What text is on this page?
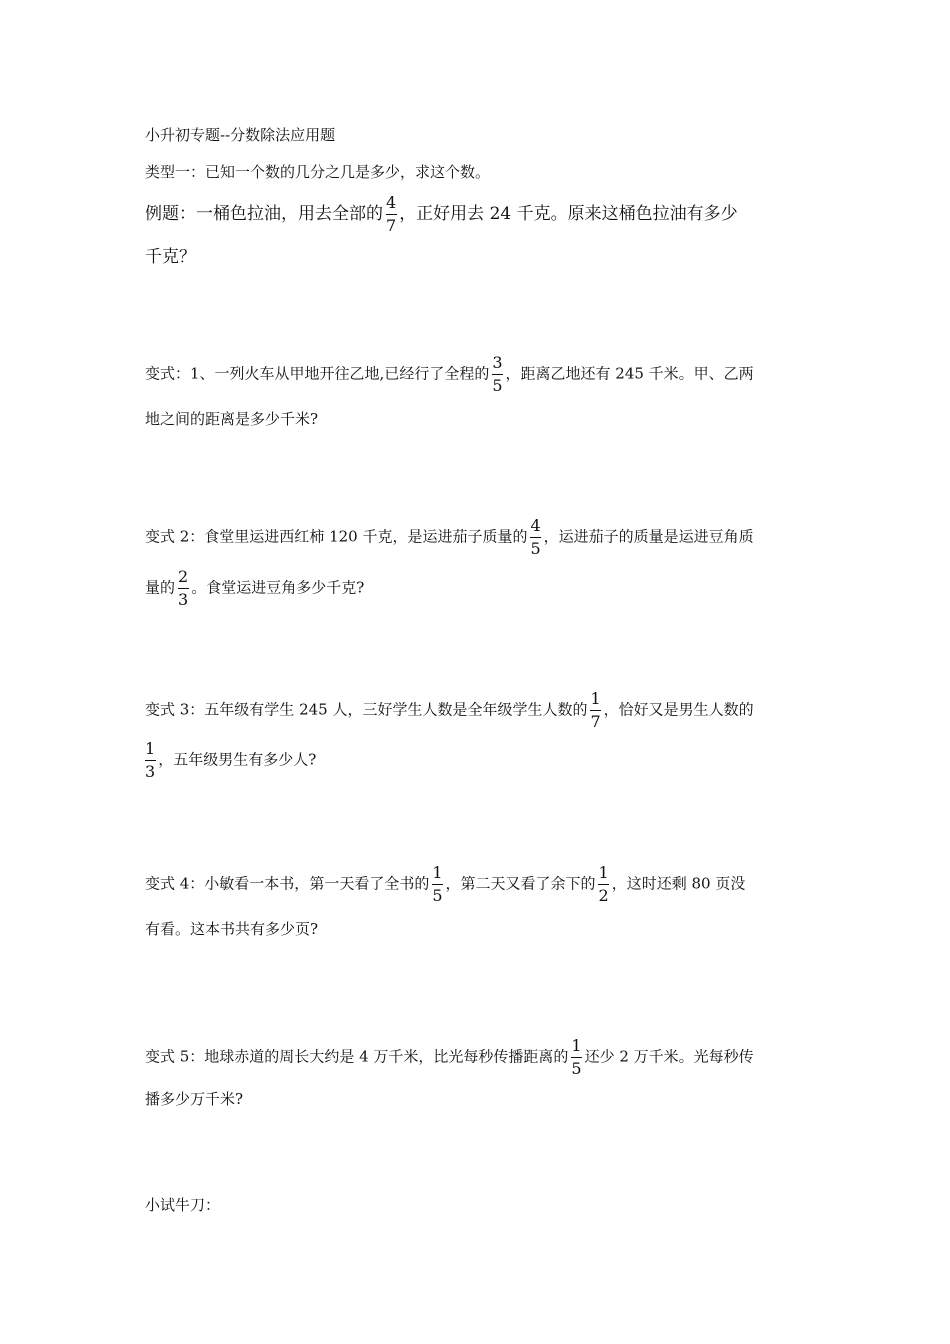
小升初专题--分数除法应用题
类型一：已知一个数的几分之几是多少，求这个数。
例题：一桶色拉油，用去全部的 $\frac{4}{7}$ ，正好用去 24 千克。原来这桶色拉油有多少
千克？
变式：1、一列火车从甲地开往乙地,已经行了全程的 $\frac{3}{5}$ ，距离乙地还有 245 千米。甲、乙两
地之间的距离是多少千米?
变式 2：食堂里运进西红柿 120 千克，是运进茄子质量的 $\frac{4}{5}$ ，运进茄子的质量是运进豆角质
量的 $\frac{2}{3}$ 。食堂运进豆角多少千克?
变式 3：五年级有学生 245 人，三好学生人数是全年级学生人数的 $\frac{1}{7}$ ，恰好又是男生人数的
$\frac{1}{3}$ ，五年级男生有多少人?
变式 4：小敏看一本书，第一天看了全书的 $\frac{1}{5}$ ，第二天又看了余下的 $\frac{1}{2}$ ，这时还剩 80 页没
有看。这本书共有多少页?
变式 5：地球赤道的周长大约是 4 万千米，比光每秒传播距离的 $\frac{1}{5}$ 还少 2 万千米。光每秒传
播多少万千米?
小试牛刀：
